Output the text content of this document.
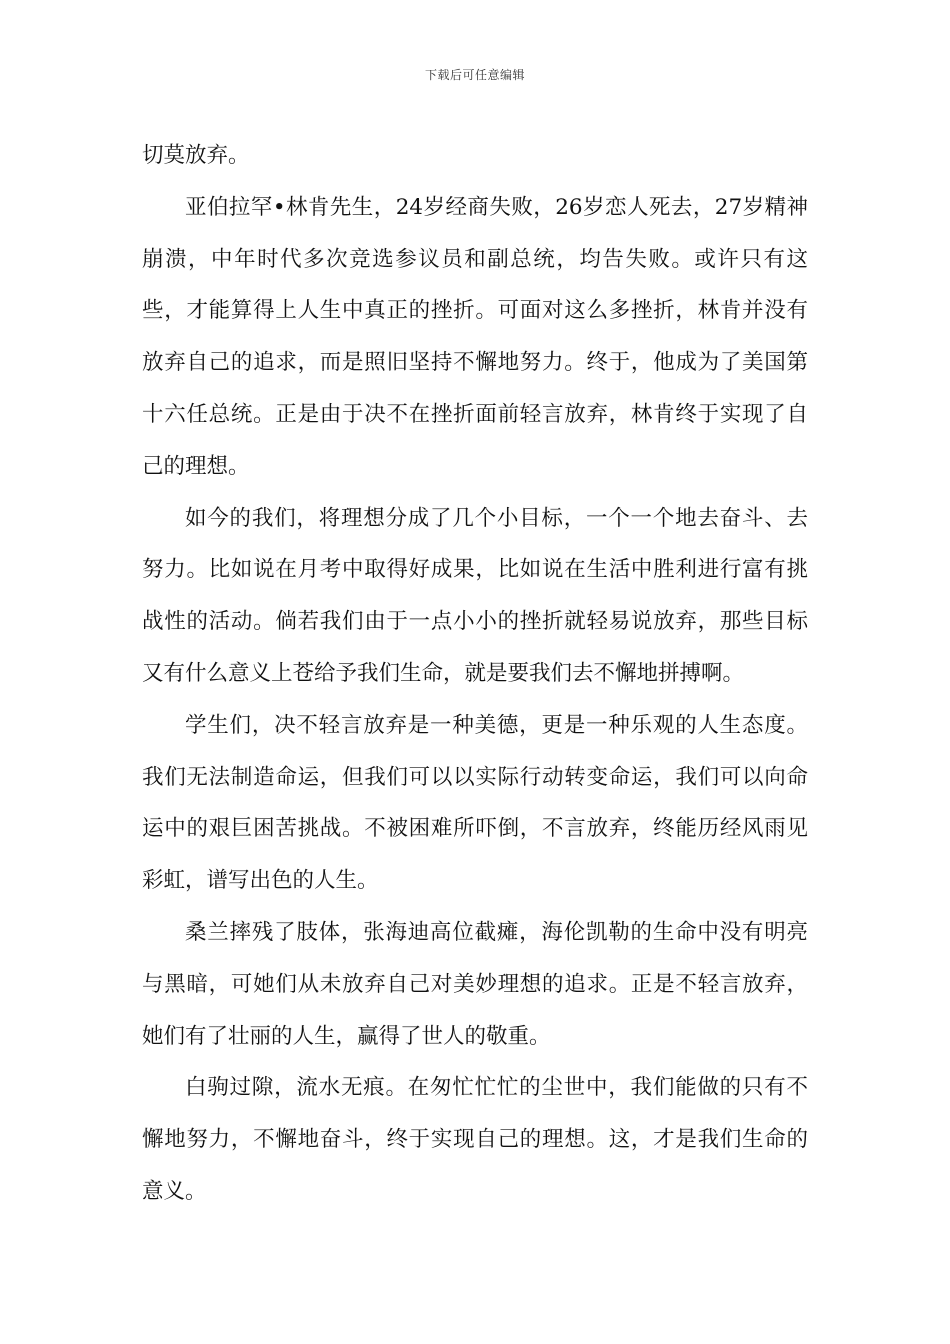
下载后可任意编辑

切莫放弃。

亚伯拉罕•林肯先生，24岁经商失败，26岁恋人死去，27岁精神崩溃，中年时代多次竞选参议员和副总统，均告失败。或许只有这些，才能算得上人生中真正的挫折。可面对这么多挫折，林肯并没有放弃自己的追求，而是照旧坚持不懈地努力。终于，他成为了美国第十六任总统。正是由于决不在挫折面前轻言放弃，林肯终于实现了自己的理想。

如今的我们，将理想分成了几个小目标，一个一个地去奋斗、去努力。比如说在月考中取得好成果，比如说在生活中胜利进行富有挑战性的活动。倘若我们由于一点小小的挫折就轻易说放弃，那些目标又有什么意义上苍给予我们生命，就是要我们去不懈地拼搏啊。

学生们，决不轻言放弃是一种美德，更是一种乐观的人生态度。我们无法制造命运，但我们可以以实际行动转变命运，我们可以向命运中的艰巨困苦挑战。不被困难所吓倒，不言放弃，终能历经风雨见彩虹，谱写出色的人生。

桑兰摔残了肢体，张海迪高位截瘫，海伦凯勒的生命中没有明亮与黑暗，可她们从未放弃自己对美妙理想的追求。正是不轻言放弃，她们有了壮丽的人生，赢得了世人的敬重。

白驹过隙，流水无痕。在匆忙忙忙的尘世中，我们能做的只有不懈地努力，不懈地奋斗，终于实现自己的理想。这，才是我们生命的意义。
